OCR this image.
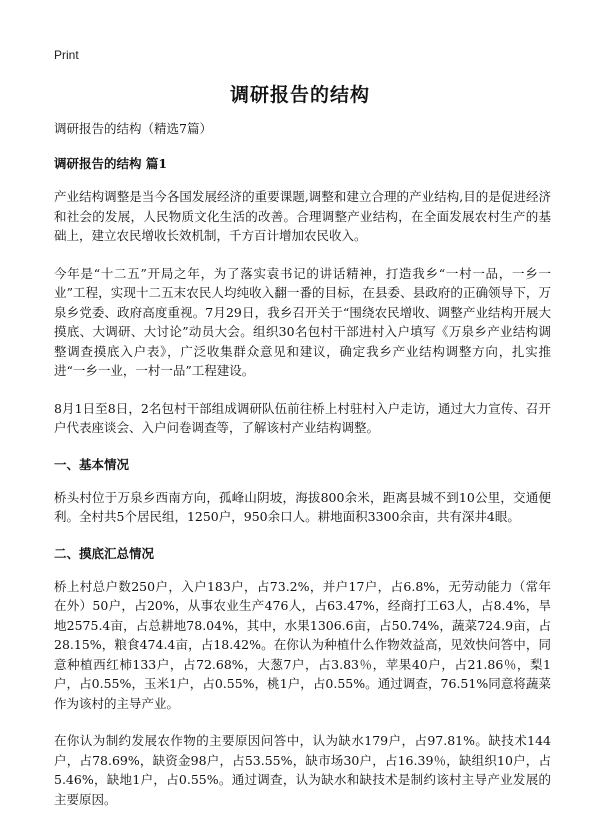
Print
调研报告的结构
调研报告的结构（精选7篇）
调研报告的结构 篇1

产业结构调整是当今各国发展经济的重要课题,调整和建立合理的产业结构,目的是促进经济和社会的发展，人民物质文化生活的改善。合理调整产业结构，在全面发展农村生产的基础上，建立农民增收长效机制，千方百计增加农民收入。

今年是“十二五”开局之年，为了落实袁书记的讲话精神，打造我乡“一村一品，一乡一业”工程，实现十二五末农民人均纯收入翻一番的目标，在县委、县政府的正确领导下，万泉乡党委、政府高度重视。7月29日，我乡召开关于“围绕农民增收、调整产业结构开展大摸底、大调研、大讨论”动员大会。组织30名包村干部进村入户填写《万泉乡产业结构调整调查摸底入户表》，广泛收集群众意见和建议，确定我乡产业结构调整方向，扎实推进“一乡一业，一村一品”工程建设。

8月1日至8日，2名包村干部组成调研队伍前往桥上村驻村入户走访，通过大力宣传、召开户代表座谈会、入户问卷调查等，了解该村产业结构调整。

一、基本情况

桥头村位于万泉乡西南方向，孤峰山阴坡，海拔800余米，距离县城不到10公里，交通便利。全村共5个居民组，1250户，950余口人。耕地面积3300余亩，共有深井4眼。

二、摸底汇总情况

桥上村总户数250户，入户183户，占73.2%，并户17户，占6.8%，无劳动能力（常年在外）50户，占20%，从事农业生产476人，占63.47%，经商打工63人，占8.4%，旱地2575.4亩，占总耕地78.04%，其中，水果1306.6亩，占50.74%，蔬菜724.9亩，占28.15%，粮食474.4亩，占18.42%。在你认为种植什么作物效益高，见效快问答中，同意种植西红柿133户，占72.68%，大葱7户，占3.83％，苹果40户，占21.86％，梨1户，占0.55%，玉米1户，占0.55%，桃1户，占0.55%。通过调查，76.51%同意将蔬菜作为该村的主导产业。

在你认为制约发展农作物的主要原因问答中，认为缺水179户，占97.81%。缺技术144户，占78.69%，缺资金98户，占53.55%，缺市场30户，占16.39％，缺组织10户，占5.46%，缺地1户，占0.55%。通过调查，认为缺水和缺技术是制约该村主导产业发展的主要原因。
